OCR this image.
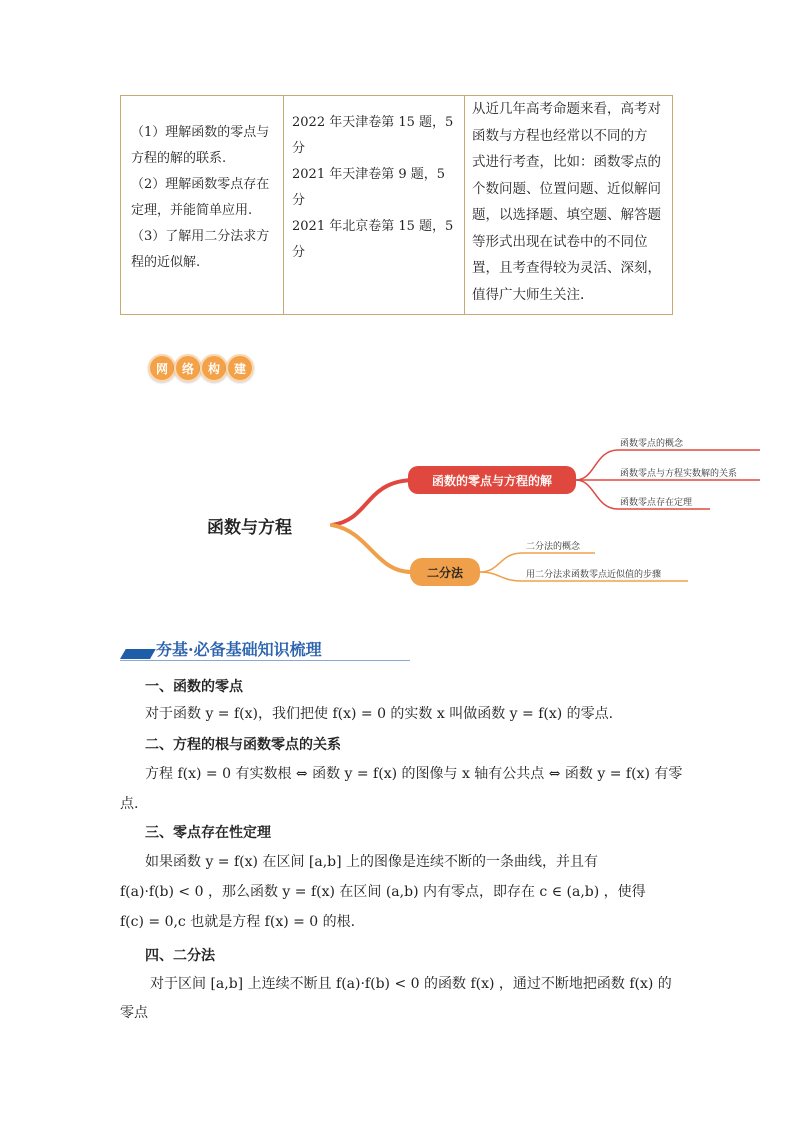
（1）理解函数的零点与
方程的解的联系.
（2）理解函数零点存在
定理，并能简单应用.
（3）了解用二分法求方
程的近似解.

2022 年天津卷第 15 题，5
分
2021 年天津卷第 9 题，5 分
2021 年北京卷第 15 题，5
分

从近几年高考命题来看，高考对
函数与方程也经常以不同的方
式进行考查，比如：函数零点的
个数问题、位置问题、近似解问
题，以选择题、填空题、解答题
等形式出现在试卷中的不同位
置，且考查得较为灵活、深刻，
值得广大师生关注.
网	络	构	建
函数与方程
函数的零点与方程的解
函数零点的概念
函数零点与方程实数解的关系
函数零点存在定理
二分法
二分法的概念
用二分法求函数零点近似值的步骤
夯基·必备基础知识梳理
一、函数的零点
对于函数 y = f(x)，我们把使 f(x) = 0 的实数 x 叫做函数 y = f(x) 的零点.
二、方程的根与函数零点的关系
方程 f(x) = 0 有实数根 ⇔ 函数 y = f(x) 的图像与 x 轴有公共点 ⇔ 函数 y = f(x) 有零
点.
三、零点存在性定理
如果函数 y = f(x) 在区间 [a,b] 上的图像是连续不断的一条曲线，并且有
f(a)·f(b) < 0 ，那么函数 y = f(x) 在区间 (a,b) 内有零点，即存在 c ∈ (a,b) ，使得
f(c) = 0,c 也就是方程 f(x) = 0 的根.
四、二分法
对于区间 [a,b] 上连续不断且 f(a)·f(b) < 0 的函数 f(x) ，通过不断地把函数 f(x) 的
零点
